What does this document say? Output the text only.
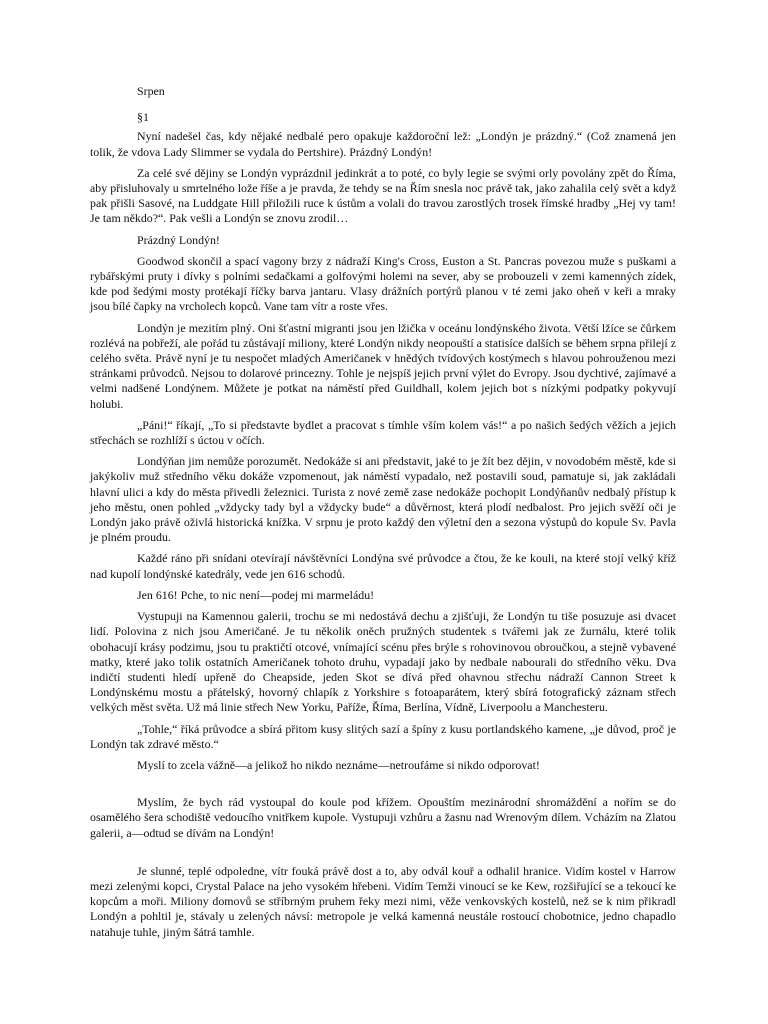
Srpen

§1

Nyní nadešel čas, kdy nějaké nedbalé pero opakuje každoroční lež: „Londýn je prázdný.“ (Což znamená jen tolik, že vdova Lady Slimmer se vydala do Pertshire). Prázdný Londýn!

Za celé své dějiny se Londýn vyprázdnil jedinkrát a to poté, co byly legie se svými orly povolány zpět do Říma, aby přisluhovaly u smrtelného lože říše a je pravda, že tehdy se na Řím snesla noc právě tak, jako zahalila celý svět a když pak přišli Sasové, na Luddgate Hill přiložili ruce k ústům a volali do travou zarostlých trosek římské hradby „Hej vy tam! Je tam někdo?“. Pak vešli a Londýn se znovu zrodil…

Prázdný Londýn!

Goodwod skončil a spací vagony brzy z nádraží King's Cross, Euston a St. Pancras povezou muže s puškami a rybářskými pruty i dívky s polními sedačkami a golfovými holemi na sever, aby se probouzeli v zemi kamenných zídek, kde pod šedými mosty protékají říčky barva jantaru. Vlasy drážních portýrů planou v té zemi jako oheň v keři a mraky jsou bílé čapky na vrcholech kopců. Vane tam vítr a roste vřes.

Londýn je mezitím plný. Oni šťastní migranti jsou jen lžička v oceánu londýnského života. Větší lžíce se čůrkem rozlévá na pobřeží, ale pořád tu zůstávají miliony, které Londýn nikdy neopouští a statisíce dalších se během srpna přilejí z celého světa. Právě nyní je tu nespočet mladých Američanek v hnědých tvídových kostýmech s hlavou pohrouženou mezi stránkami průvodců. Nejsou to dolarové princezny. Tohle je nejspíš jejich první výlet do Evropy. Jsou dychtivé, zajímavé a velmi nadšené Londýnem. Můžete je potkat na náměstí před Guildhall, kolem jejich bot s nízkými podpatky pokyvují holubi.

„Páni!“ říkají, „To si představte bydlet a pracovat s tímhle vším kolem vás!“ a po našich šedých věžích a jejich střechách se rozhlíží s úctou v očích.

Londýňan jim nemůže porozumět. Nedokáže si ani představit, jaké to je žít bez dějin, v novodobém městě, kde si jakýkoliv muž středního věku dokáže vzpomenout, jak náměstí vypadalo, než postavili soud, pamatuje si, jak zakládali hlavní ulici a kdy do města přivedli železnici. Turista z nové země zase nedokáže pochopit Londýňanův nedbalý přístup k jeho městu, onen pohled „vždycky tady byl a vždycky bude“ a důvěrnost, která plodí nedbalost. Pro jejich svěží oči je Londýn jako právě oživlá historická knížka. V srpnu je proto každý den výletní den a sezona výstupů do kopule Sv. Pavla je plném proudu.

Každé ráno při snídani otevírají návštěvníci Londýna své průvodce a čtou, že ke kouli, na které stojí velký kříž nad kupolí londýnské katedrály, vede jen 616 schodů.

Jen 616! Pche, to nic není—podej mi marmeládu!

Vystupuji na Kamennou galerii, trochu se mi nedostává dechu a zjišťuji, že Londýn tu tiše posuzuje asi dvacet lidí. Polovina z nich jsou Američané. Je tu několik oněch pružných studentek s tvářemi jak ze žurnálu, které tolik obohacují krásy podzimu, jsou tu praktičtí otcové, vnímající scénu přes brýle s rohovinovou obroučkou, a stejně vybavené matky, které jako tolik ostatních Američanek tohoto druhu, vypadají jako by nedbale nabourali do středního věku. Dva indičtí studenti hledí upřeně do Cheapside, jeden Skot se dívá před ohavnou střechu nádraží Cannon Street k Londýnskému mostu a přátelský, hovorný chlapík z Yorkshire s fotoaparátem, který sbírá fotografický záznam střech velkých měst světa. Už má linie střech New Yorku, Paříže, Říma, Berlína, Vídně, Liverpoolu a Manchesteru.

„Tohle,“ říká průvodce a sbírá přitom kusy slitých sazí a špíny z kusu portlandského kamene, „je důvod, proč je Londýn tak zdravé město.“

Myslí to zcela vážně—a jelikož ho nikdo neznáme—netroufáme si nikdo odporovat!

Myslím, že bych rád vystoupal do koule pod křížem. Opouštím mezinárodní shromáždění a nořím se do osamělého šera schodiště vedoucího vnitřkem kupole. Vystupuji vzhůru a žasnu nad Wrenovým dílem. Vcházím na Zlatou galerii, a—odtud se dívám na Londýn!

Je slunné, teplé odpoledne, vítr fouká právě dost a to, aby odvál kouř a odhalil hranice. Vidím kostel v Harrow mezi zelenými kopci, Crystal Palace na jeho vysokém hřebeni. Vidím Temži vinoucí se ke Kew, rozšiřující se a tekoucí ke kopcům a moři. Miliony domovů se stříbrným pruhem řeky mezi nimi, věže venkovských kostelů, než se k nim přikradl Londýn a pohltil je, stávaly u zelených návsí: metropole je velká kamenná neustále rostoucí chobotnice, jedno chapadlo natahuje tuhle, jiným šátrá tamhle.
